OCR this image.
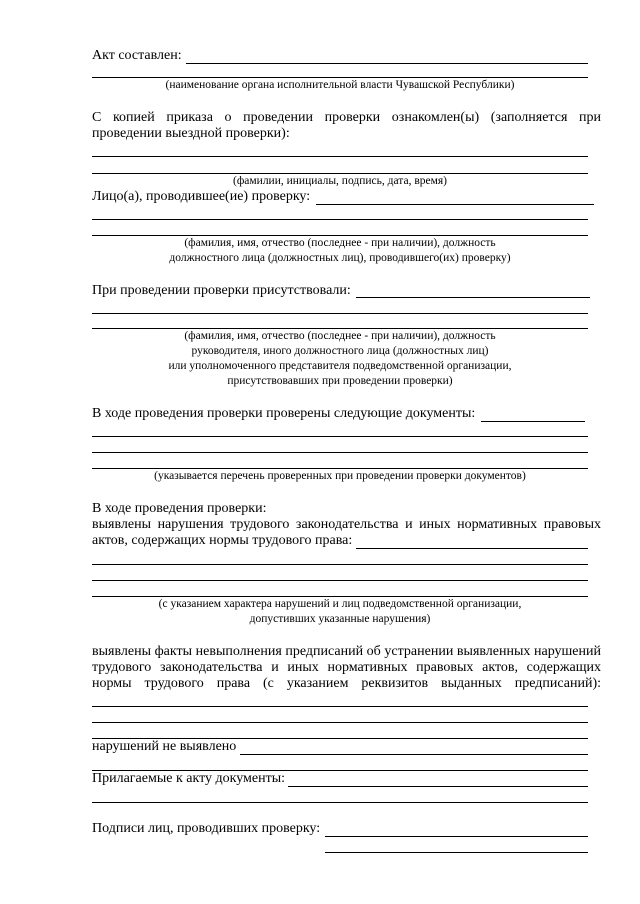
Акт составлен:
(наименование органа исполнительной власти Чувашской Республики)
С копией приказа о проведении проверки ознакомлен(ы) (заполняется при
проведении выездной проверки):
(фамилии, инициалы, подпись, дата, время)
Лицо(а), проводившее(ие) проверку:
(фамилия, имя, отчество (последнее - при наличии), должность
должностного лица (должностных лиц), проводившего(их) проверку)
При проведении проверки присутствовали:
(фамилия, имя, отчество (последнее - при наличии), должность
руководителя, иного должностного лица (должностных лиц)
или уполномоченного представителя подведомственной организации,
присутствовавших при проведении проверки)
В ходе проведения проверки проверены следующие документы:
(указывается перечень проверенных при проведении проверки документов)
В ходе проведения проверки:
выявлены нарушения трудового законодательства и иных нормативных правовых
актов, содержащих нормы трудового права:
(с указанием характера нарушений и лиц подведомственной организации,
допустивших указанные нарушения)
выявлены факты невыполнения предписаний об устранении выявленных нарушений
трудового законодательства и иных нормативных правовых актов, содержащих
нормы трудового права (с указанием реквизитов выданных предписаний):
нарушений не выявлено
Прилагаемые к акту документы:
Подписи лиц, проводивших проверку:
